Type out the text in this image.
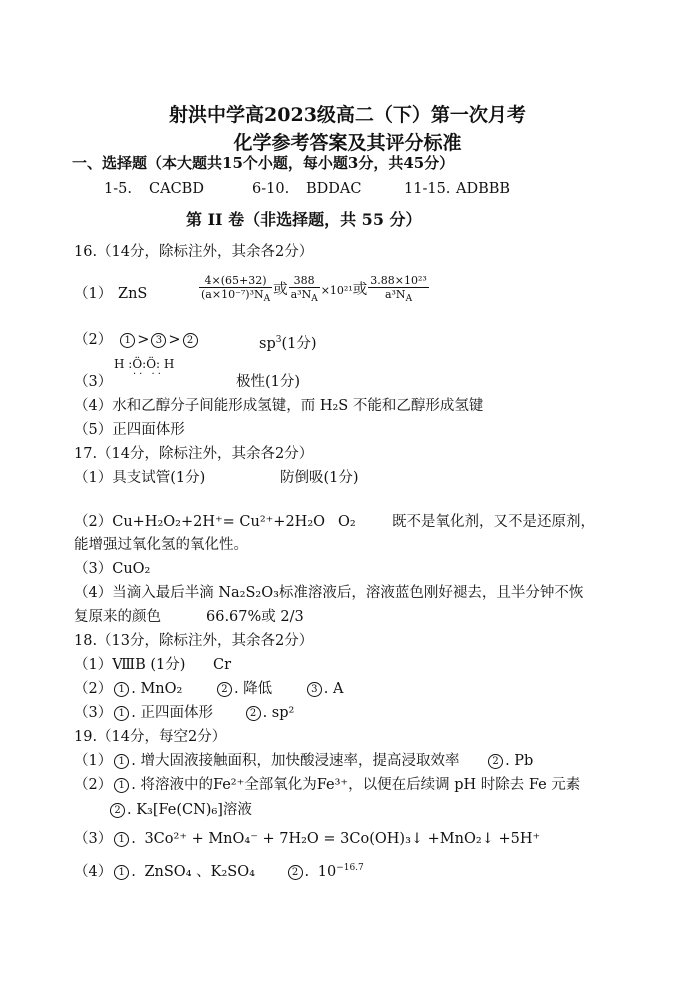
射洪中学高2023级高二（下）第一次月考
化学参考答案及其评分标准
一、选择题（本大题共15个小题，每小题3分，共45分）
1-5. CACBD	6-10. BDDAC	11-15. ADBBB
第 II 卷（非选择题，共 55 分）
16.（14分，除标注外，其余各2分）
（1） ZnS	$\frac{4\times(65+32)}{(a\times 10^{-7})^3N_A}$ 或 $\frac{388}{a^3N_A} \times 10^{21}$或 $\frac{\text{3.88×10²³}}{a^3N_A}$
（2） 1 > 3 > 2	$sp^3(1$分)
H :Ö:Ö: H
·· ··
（3）	极性(1分)
（4）水和乙醇分子间能形成氢键，而 H₂S 不能和乙醇形成氢键
（5）正四面体形
17.（14分，除标注外，其余各2分）
（1）具支试管(1分)	防倒吸(1分)
（2）Cu+H₂O₂+2H⁺= Cu²⁺+2H₂O O₂	既不是氧化剂，又不是还原剂，
能增强过氧化氢的氧化性。
（3）CuO₂
（4）当滴入最后半滴 Na₂S₂O₃标准溶液后，溶液蓝色刚好褪去，且半分钟不恢
复原来的颜色	66.67%或 2/3
18.（13分，除标注外，其余各2分）
（1）ⅧB (1分) Cr
（2） 1 . MnO₂	2 . 降低	3 . A
（3） 1 . 正四面体形	2 . sp²
19.（14分，每空2分）
（1） 1 . 增大固液接触面积，加快酸浸速率，提高浸取效率	2 . Pb
（2） 1 . 将溶液中的Fe²⁺全部氧化为Fe³⁺，以便在后续调 pH 时除去 Fe 元素
2 . K₃[Fe(CN)₆]溶液
（3） 1 . 3Co²⁺ + MnO₄⁻ + 7H₂O = 3Co(OH)₃↓ +MnO₂↓ +5H⁺
（4） 1 . ZnSO₄ 、K₂SO₄	2 . $10^{-16.7}$
